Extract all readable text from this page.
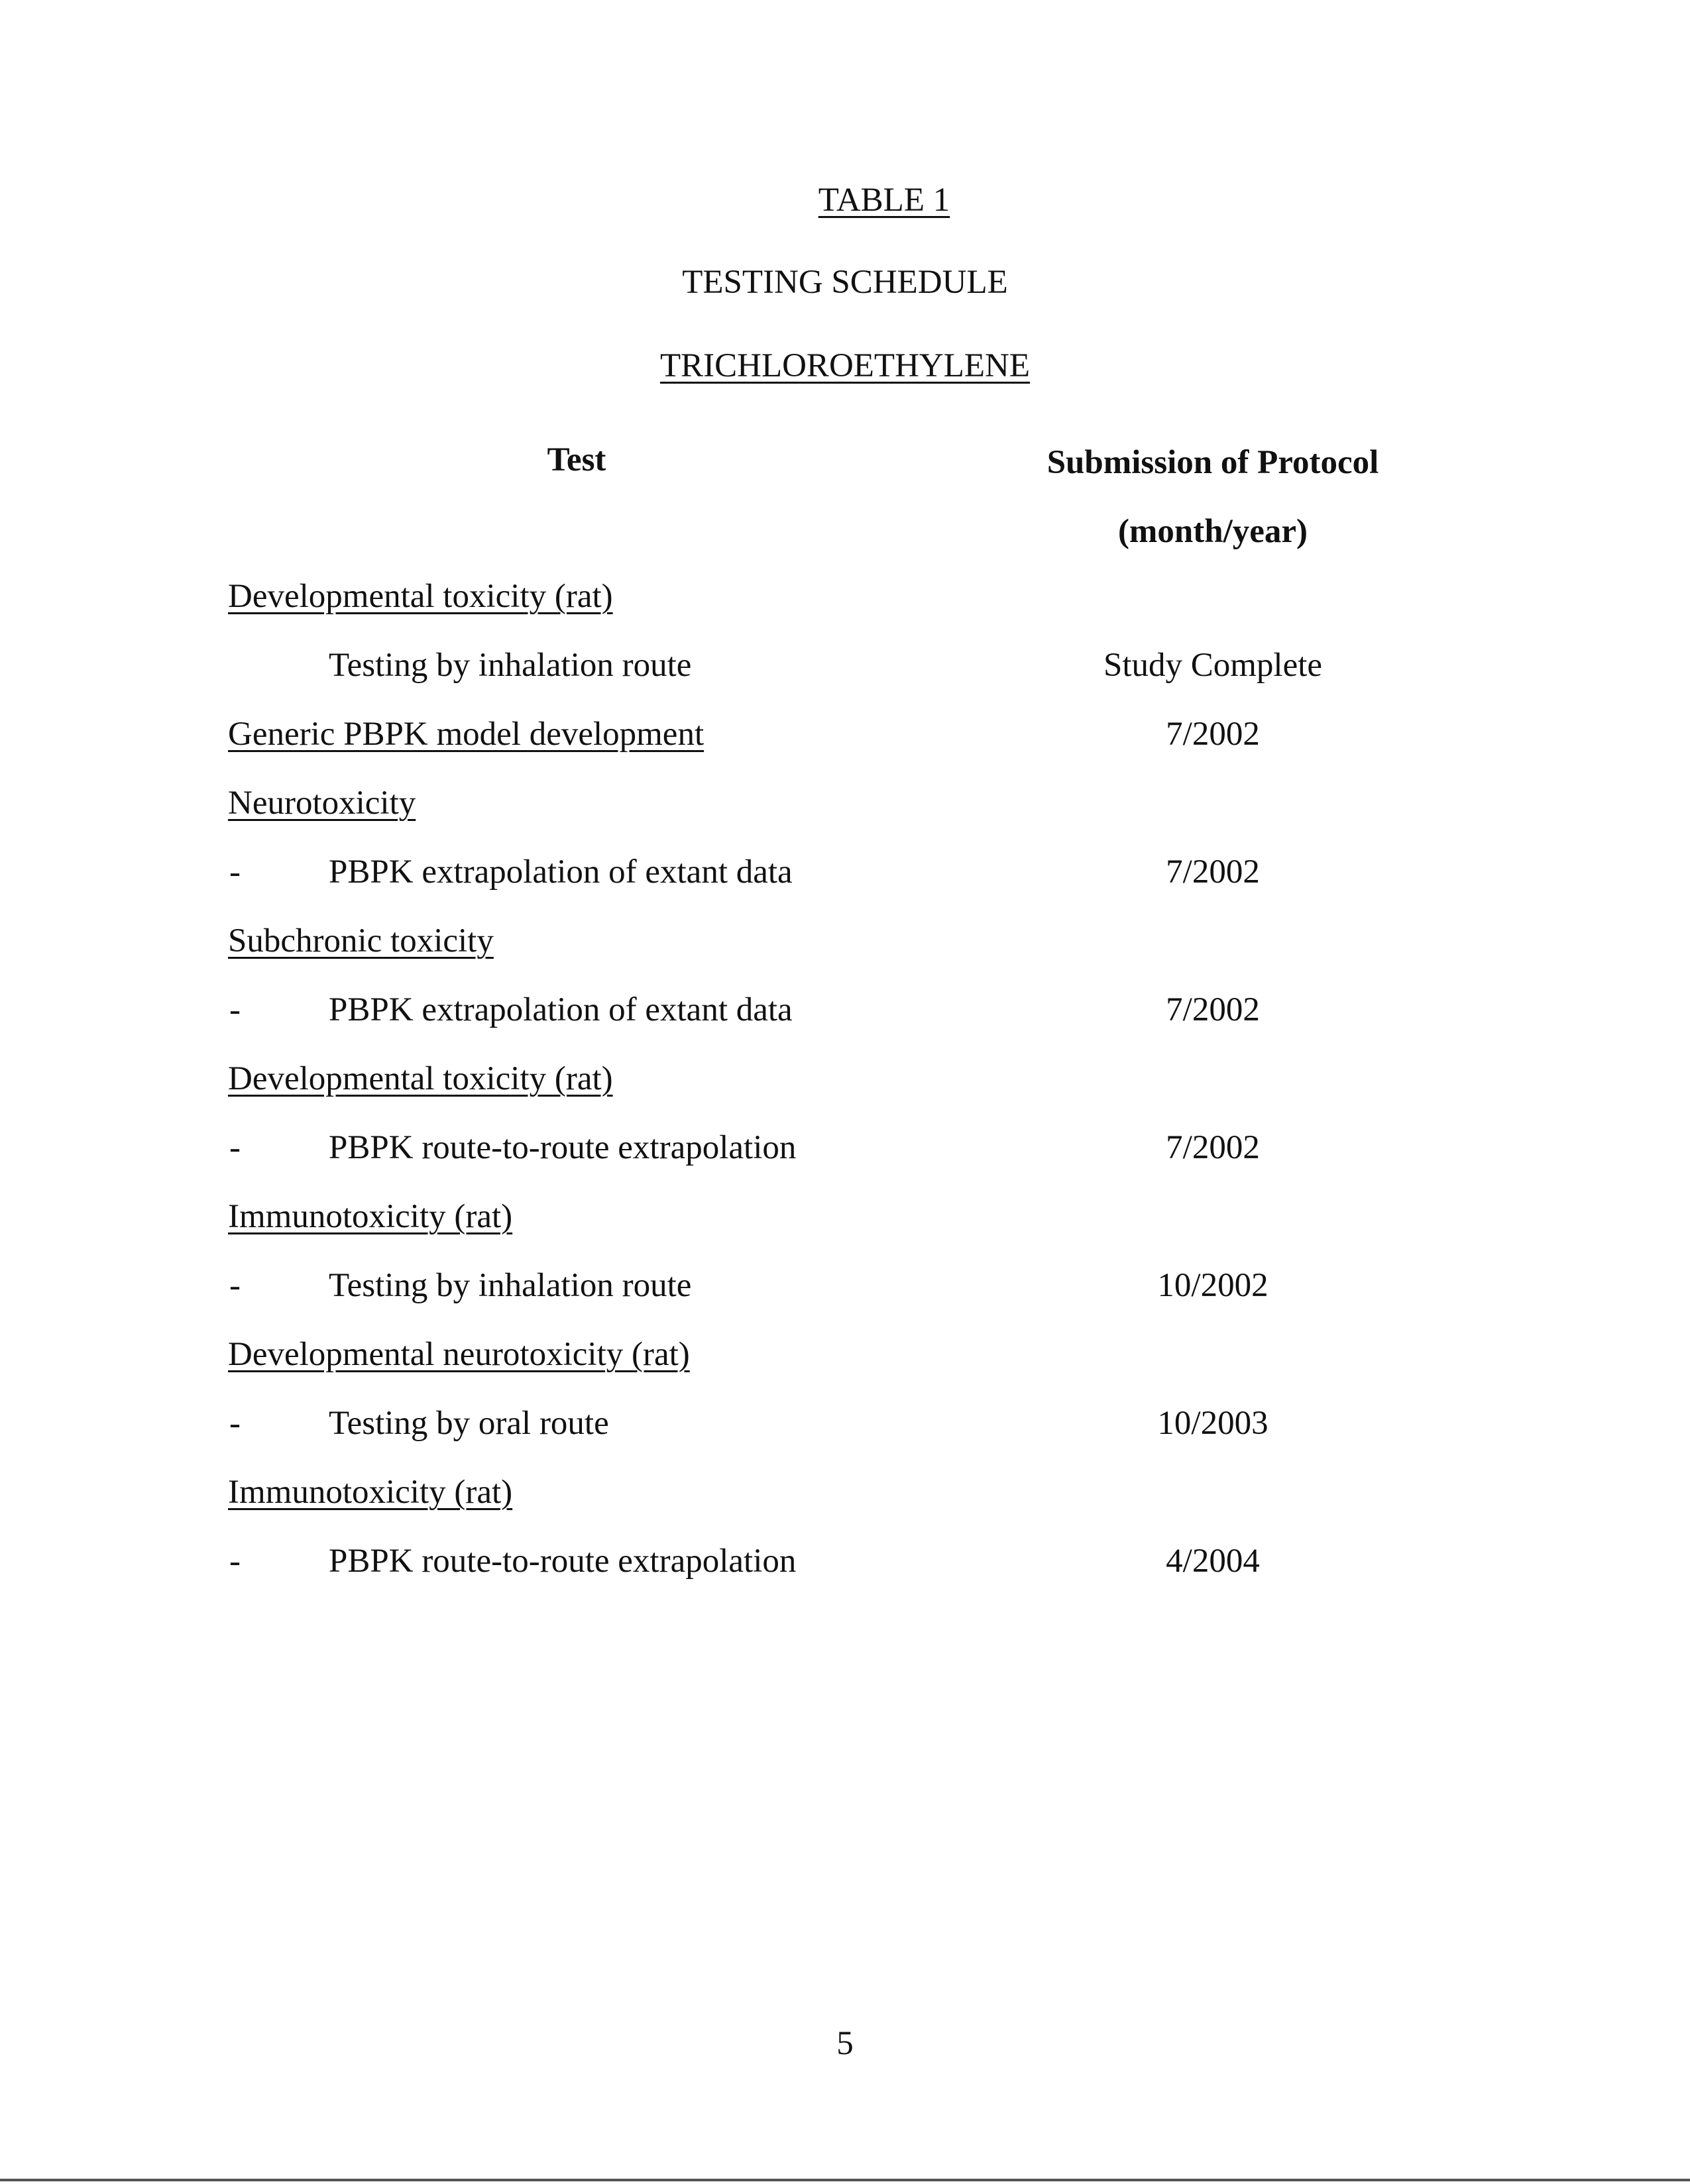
TABLE 1
TESTING SCHEDULE
TRICHLOROETHYLENE
Test	Submission of Protocol
(month/year)
Developmental toxicity (rat)
Testing by inhalation route	Study Complete
Generic PBPK model development	7/2002
Neurotoxicity
-	PBPK extrapolation of extant data	7/2002
Subchronic toxicity
-	PBPK extrapolation of extant data	7/2002
Developmental toxicity (rat)
-	PBPK route-to-route extrapolation	7/2002
Immunotoxicity (rat)
-	Testing by inhalation route	10/2002
Developmental neurotoxicity (rat)
-	Testing by oral route	10/2003
Immunotoxicity (rat)
-	PBPK route-to-route extrapolation	4/2004
5
